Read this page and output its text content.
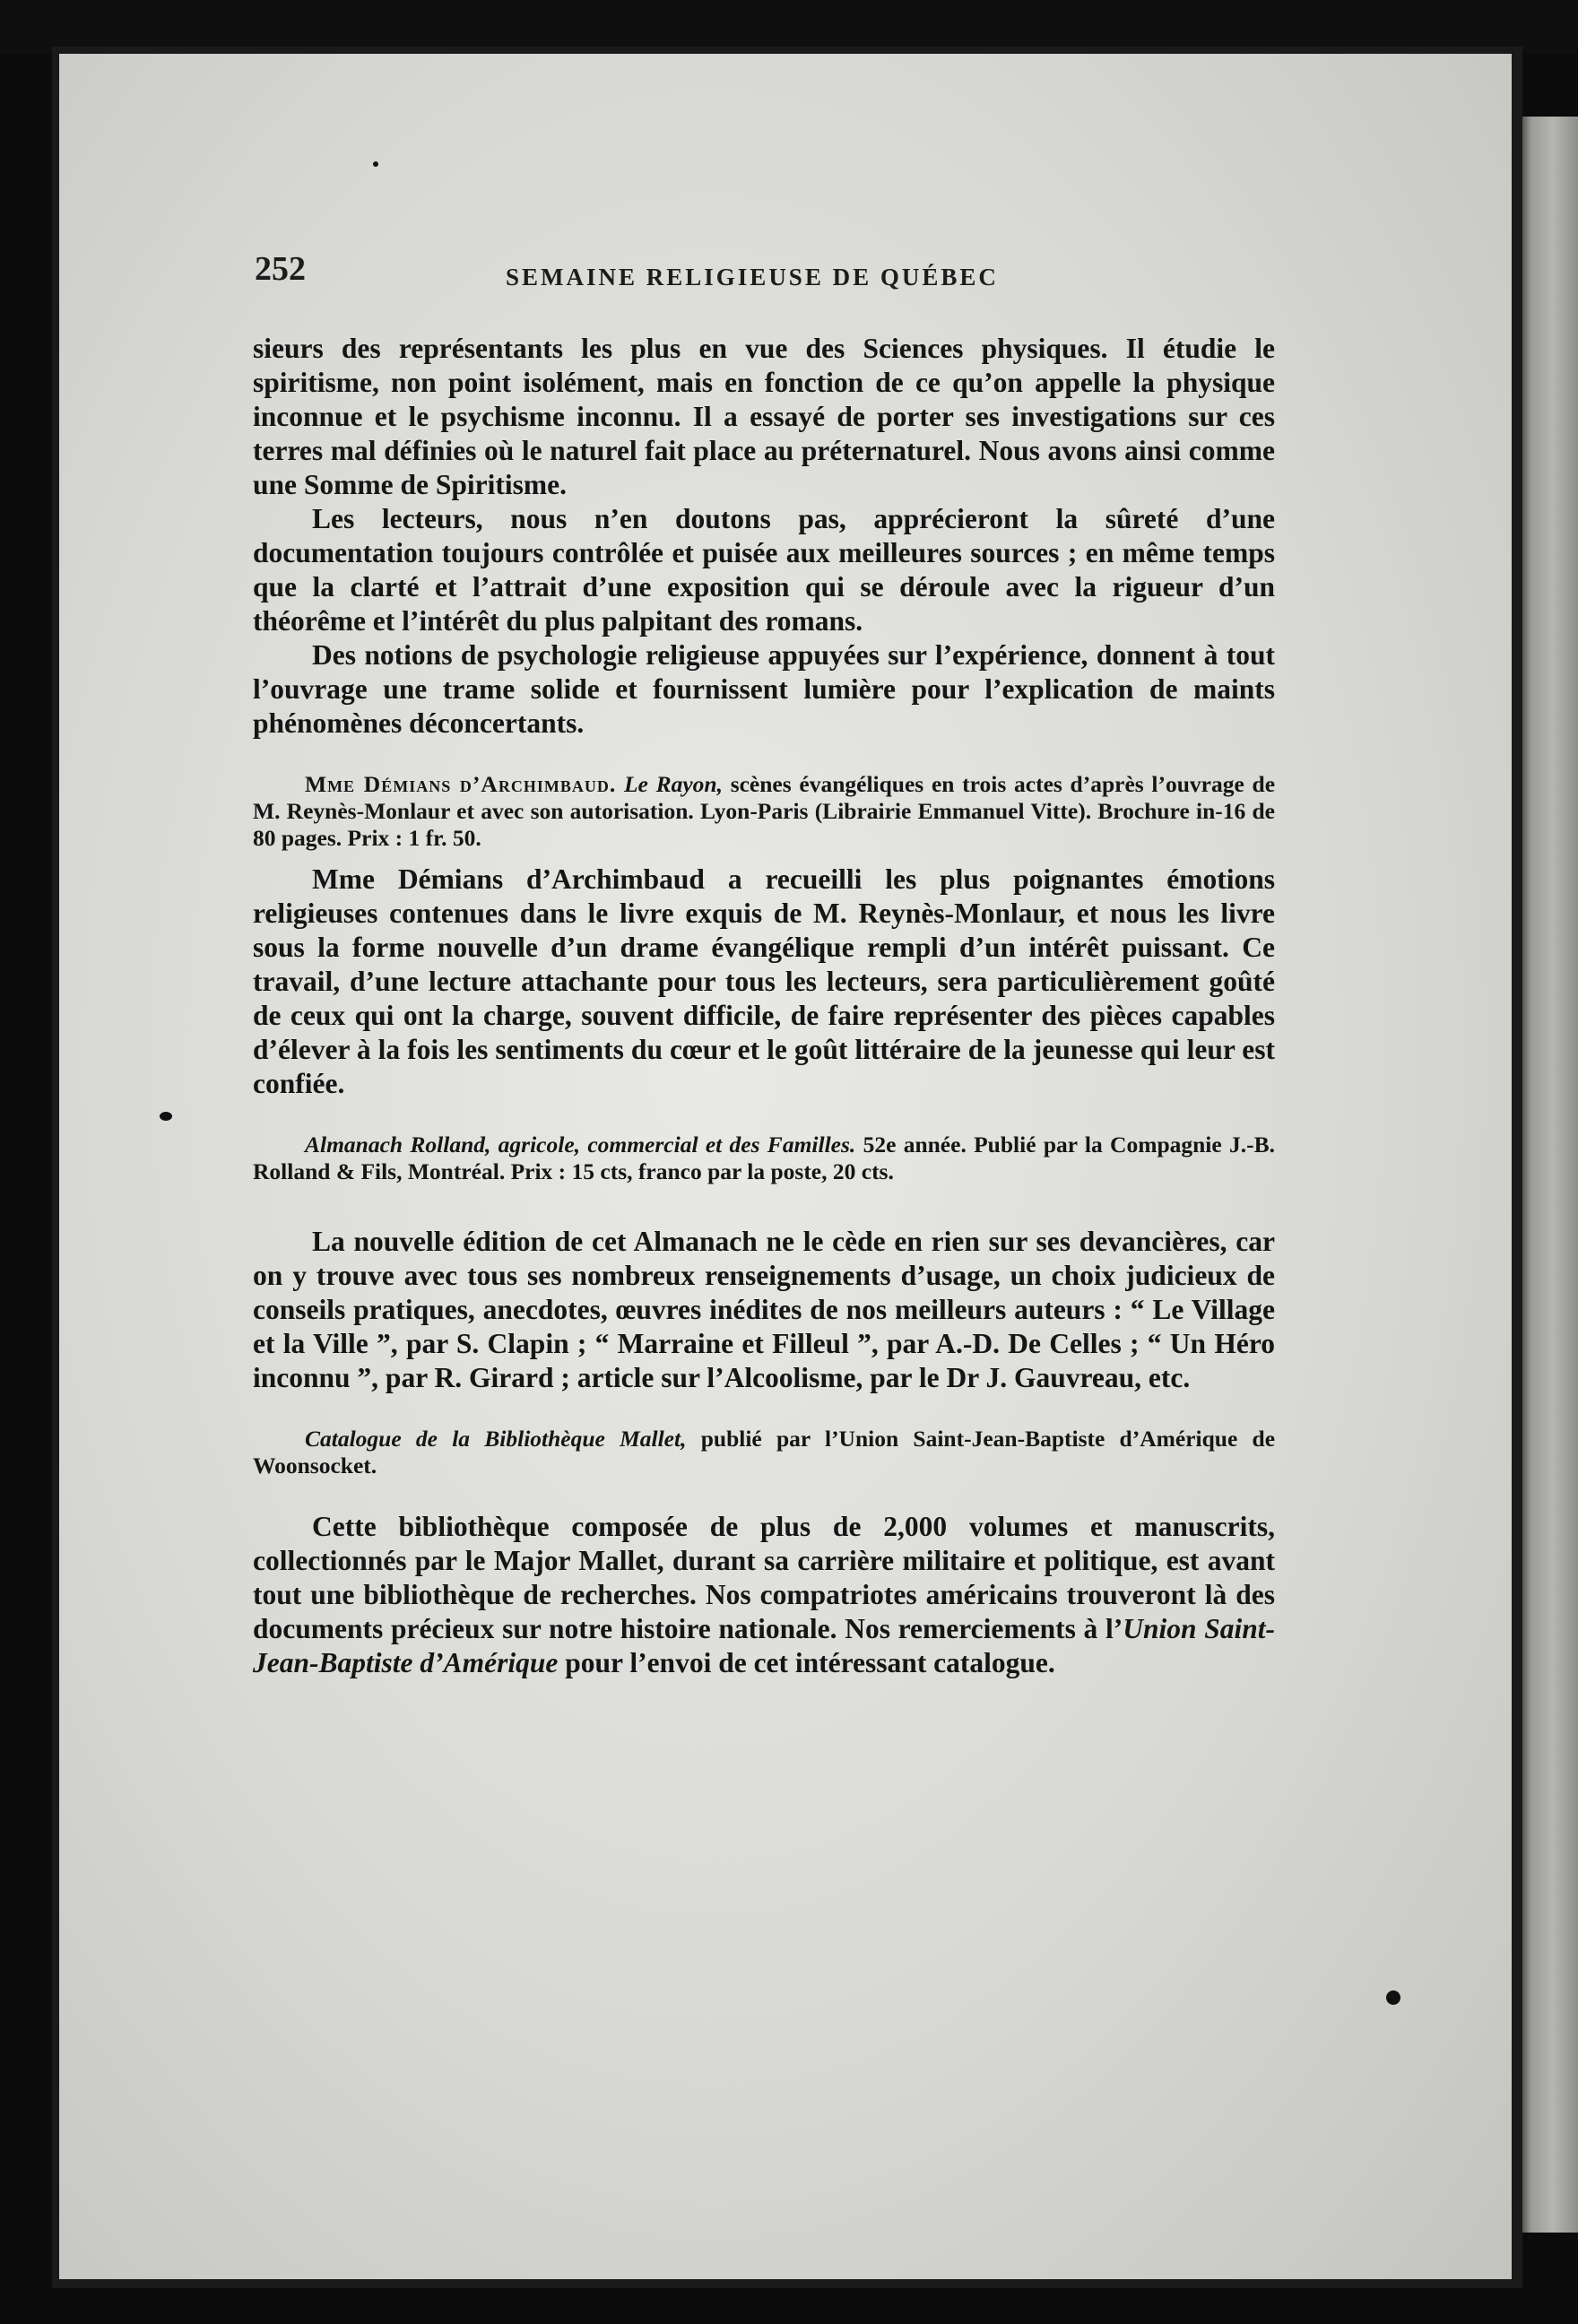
252	SEMAINE RELIGIEUSE DE QUÉBEC

sieurs des représentants les plus en vue des Sciences physiques. Il étudie le spiritisme, non point isolément, mais en fonction de ce qu’on appelle la physique inconnue et le psychisme inconnu. Il a essayé de porter ses investigations sur ces terres mal définies où le naturel fait place au préternaturel. Nous avons ainsi comme une Somme de Spiritisme.

Les lecteurs, nous n’en doutons pas, apprécieront la sûreté d’une documentation toujours contrôlée et puisée aux meilleures sources ; en même temps que la clarté et l’attrait d’une exposition qui se déroule avec la rigueur d’un théorême et l’intérêt du plus palpitant des romans.

Des notions de psychologie religieuse appuyées sur l’expérience, donnent à tout l’ouvrage une trame solide et fournissent lumière pour l’explication de maints phénomènes déconcertants.

Mme Démians d’Archimbaud. Le Rayon, scènes évangéliques en trois actes d’après l’ouvrage de M. Reynès-Monlaur et avec son autorisation. Lyon-Paris (Librairie Emmanuel Vitte). Brochure in-16 de 80 pages. Prix : 1 fr. 50.

Mme Démians d’Archimbaud a recueilli les plus poignantes émotions religieuses contenues dans le livre exquis de M. Reynès-Monlaur, et nous les livre sous la forme nouvelle d’un drame évangélique rempli d’un intérêt puissant. Ce travail, d’une lecture attachante pour tous les lecteurs, sera particulièrement goûté de ceux qui ont la charge, souvent difficile, de faire représenter des pièces capables d’élever à la fois les sentiments du cœur et le goût littéraire de la jeunesse qui leur est confiée.

Almanach Rolland, agricole, commercial et des Familles. 52e année. Publié par la Compagnie J.-B. Rolland & Fils, Montréal. Prix : 15 cts, franco par la poste, 20 cts.

La nouvelle édition de cet Almanach ne le cède en rien sur ses devancières, car on y trouve avec tous ses nombreux renseignements d’usage, un choix judicieux de conseils pratiques, anecdotes, œuvres inédites de nos meilleurs auteurs : “ Le Village et la Ville ”, par S. Clapin ; “ Marraine et Filleul ”, par A.-D. De Celles ; “ Un Héro inconnu ”, par R. Girard ; article sur l’Alcoolisme, par le Dr J. Gauvreau, etc.

Catalogue de la Bibliothèque Mallet, publié par l’Union Saint-Jean-Baptiste d’Amérique de Woonsocket.

Cette bibliothèque composée de plus de 2,000 volumes et manuscrits, collectionnés par le Major Mallet, durant sa carrière militaire et politique, est avant tout une bibliothèque de recherches. Nos compatriotes américains trouveront là des documents précieux sur notre histoire nationale. Nos remerciements à l’Union Saint-Jean-Baptiste d’Amérique pour l’envoi de cet intéressant catalogue.
